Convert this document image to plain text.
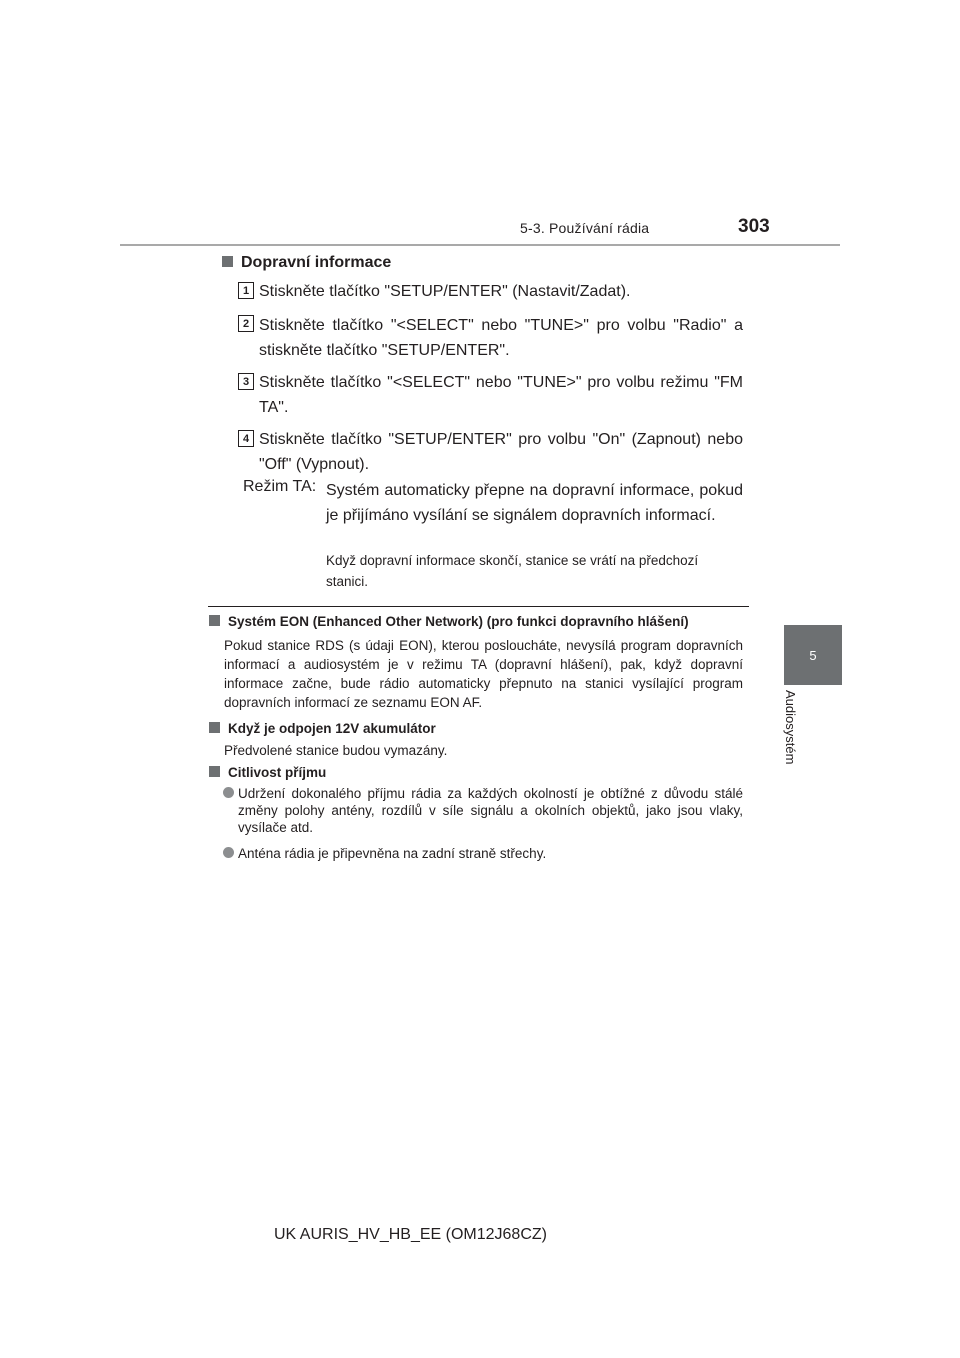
5-3. Používání rádia	303
5
Audiosystém
Dopravní informace
1 Stiskněte tlačítko "SETUP/ENTER" (Nastavit/Zadat).
2 Stiskněte tlačítko "<SELECT" nebo "TUNE>" pro volbu "Radio" a stiskněte tlačítko "SETUP/ENTER".
3 Stiskněte tlačítko "<SELECT" nebo "TUNE>" pro volbu režimu "FM TA".
4 Stiskněte tlačítko "SETUP/ENTER" pro volbu "On" (Zapnout) nebo "Off" (Vypnout).
Režim TA: Systém automaticky přepne na dopravní informace, pokud je přijímáno vysílání se signálem dopravních informací.
Když dopravní informace skončí, stanice se vrátí na předchozí stanici.
Systém EON (Enhanced Other Network) (pro funkci dopravního hlášení)
Pokud stanice RDS (s údaji EON), kterou posloucháte, nevysílá program dopravních informací a audiosystém je v režimu TA (dopravní hlášení), pak, když dopravní informace začne, bude rádio automaticky přepnuto na stanici vysílající program dopravních informací ze seznamu EON AF.
Když je odpojen 12V akumulátor
Předvolené stanice budou vymazány.
Citlivost příjmu
Udržení dokonalého příjmu rádia za každých okolností je obtížné z důvodu stálé změny polohy antény, rozdílů v síle signálu a okolních objektů, jako jsou vlaky, vysílače atd.
Anténa rádia je připevněna na zadní straně střechy.
UK AURIS_HV_HB_EE (OM12J68CZ)
